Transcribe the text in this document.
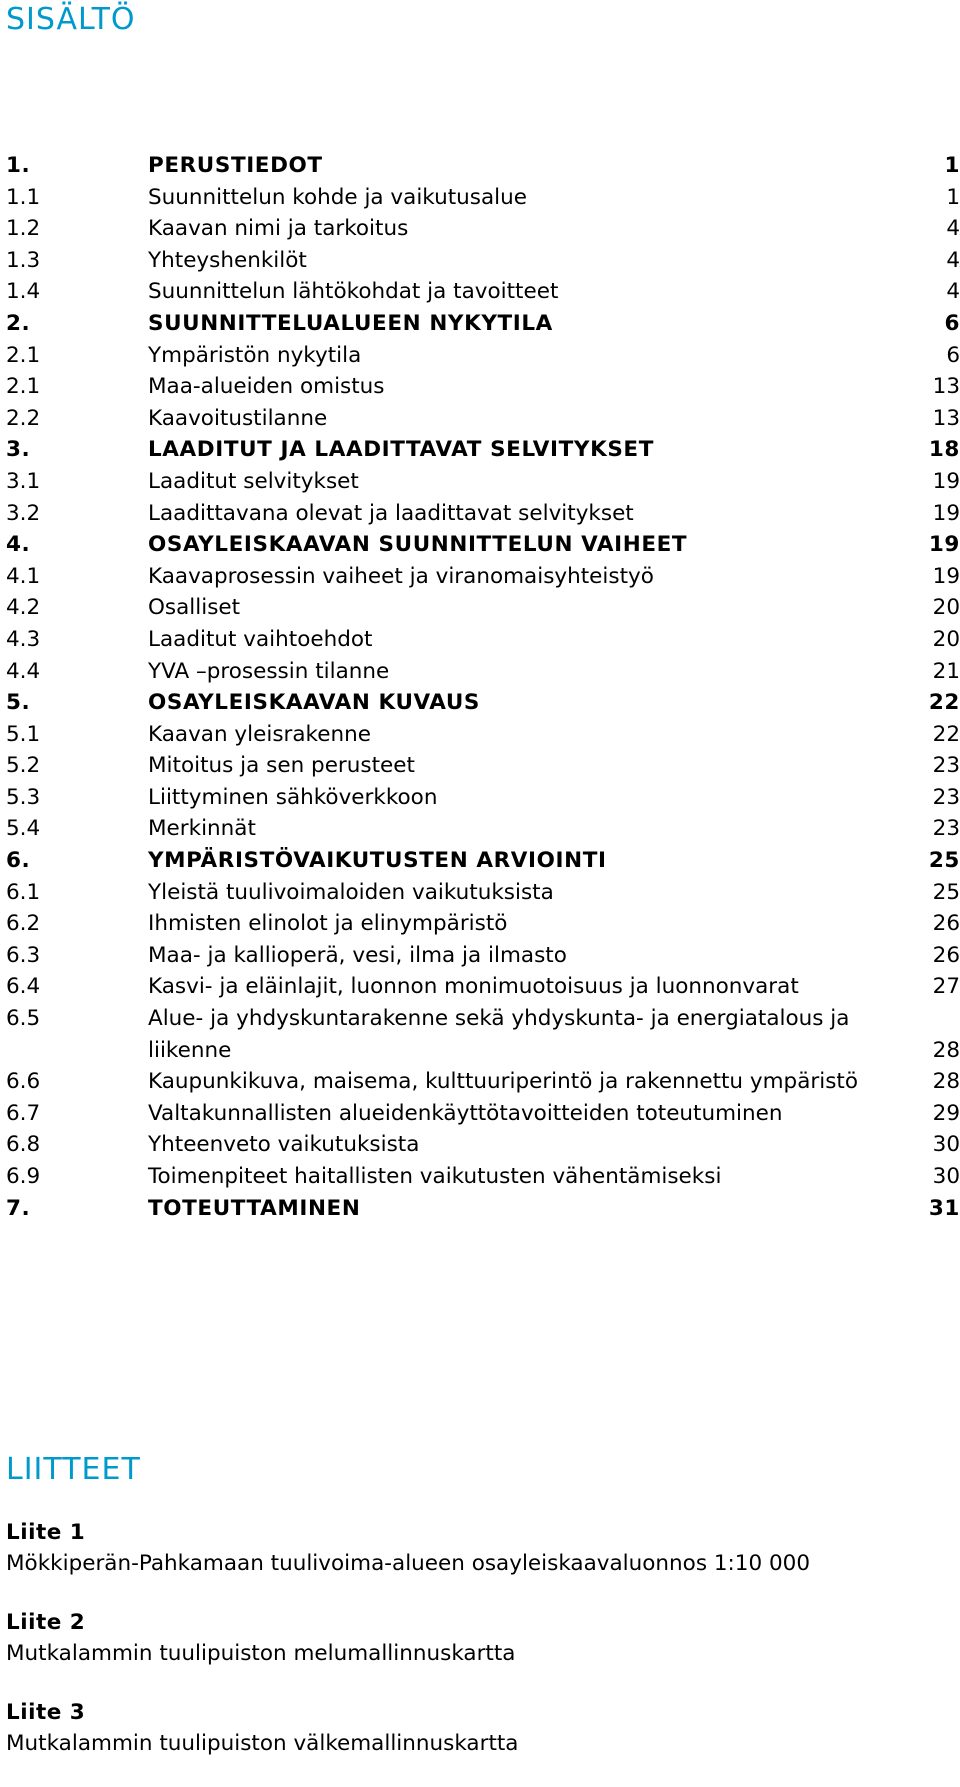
SISÄLTÖ
1.	PERUSTIEDOT	1
1.1	Suunnittelun kohde ja vaikutusalue	1
1.2	Kaavan nimi ja tarkoitus	4
1.3	Yhteyshenkilöt	4
1.4	Suunnittelun lähtökohdat ja tavoitteet	4
2.	SUUNNITTELUALUEEN NYKYTILA	6
2.1	Ympäristön nykytila	6
2.1	Maa-alueiden omistus	13
2.2	Kaavoitustilanne	13
3.	LAADITUT JA LAADITTAVAT SELVITYKSET	18
3.1	Laaditut selvitykset	19
3.2	Laadittavana olevat ja laadittavat selvitykset	19
4.	OSAYLEISKAAVAN SUUNNITTELUN VAIHEET	19
4.1	Kaavaprosessin vaiheet ja viranomaisyhteistyö	19
4.2	Osalliset	20
4.3	Laaditut vaihtoehdot	20
4.4	YVA –prosessin tilanne	21
5.	OSAYLEISKAAVAN KUVAUS	22
5.1	Kaavan yleisrakenne	22
5.2	Mitoitus ja sen perusteet	23
5.3	Liittyminen sähköverkkoon	23
5.4	Merkinnät	23
6.	YMPÄRISTÖVAIKUTUSTEN ARVIOINTI	25
6.1	Yleistä tuulivoimaloiden vaikutuksista	25
6.2	Ihmisten elinolot ja elinympäristö	26
6.3	Maa- ja kallioperä, vesi, ilma ja ilmasto	26
6.4	Kasvi- ja eläinlajit, luonnon monimuotoisuus ja luonnonvarat	27
6.5	Alue- ja yhdyskuntarakenne sekä yhdyskunta- ja energiatalous ja liikenne	28
6.6	Kaupunkikuva, maisema, kulttuuriperintö ja rakennettu ympäristö	28
6.7	Valtakunnallisten alueidenkäyttötavoitteiden toteutuminen	29
6.8	Yhteenveto vaikutuksista	30
6.9	Toimenpiteet haitallisten vaikutusten vähentämiseksi	30
7.	TOTEUTTAMINEN	31
LIITTEET
Liite 1
Mökkiperän-Pahkamaan tuulivoima-alueen osayleiskaavaluonnos 1:10 000
Liite 2
Mutkalammin tuulipuiston melumallinnuskartta
Liite 3
Mutkalammin tuulipuiston välkemallinnuskartta
